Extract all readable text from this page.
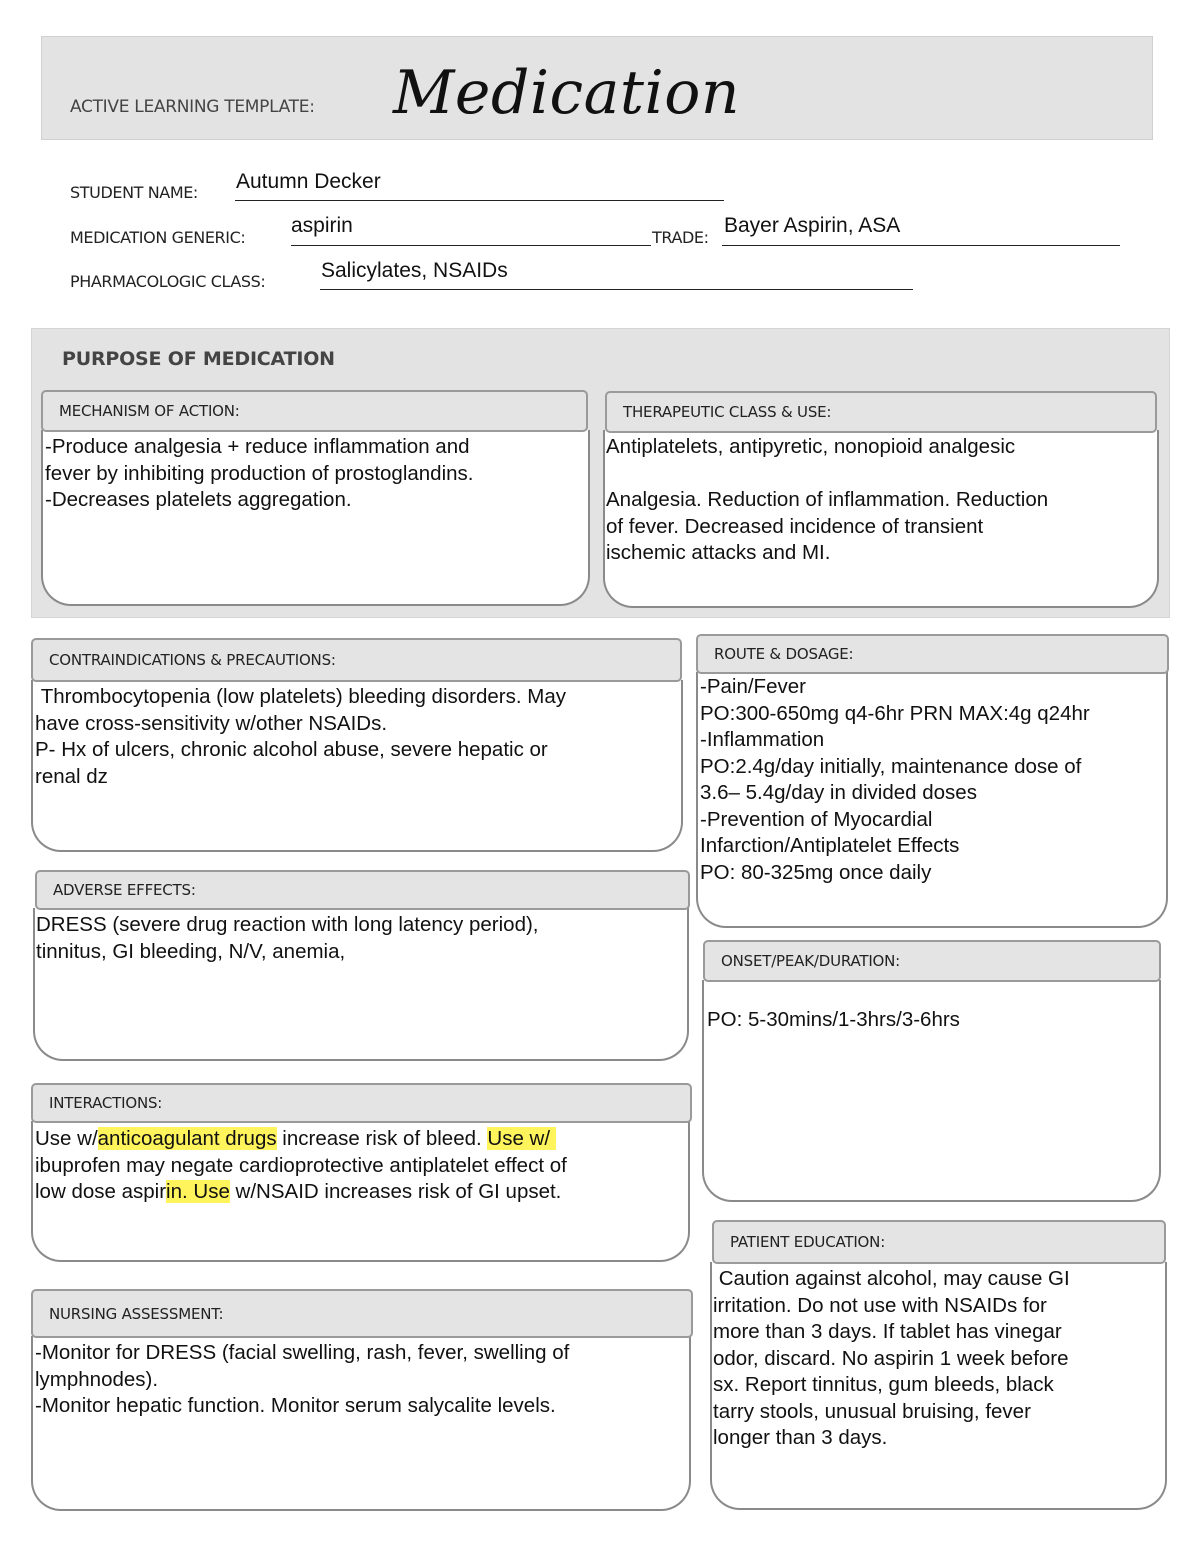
ACTIVE LEARNING TEMPLATE: Medication
STUDENT NAME: Autumn Decker
MEDICATION GENERIC:
aspirin
TRADE:
Bayer Aspirin, ASA
PHARMACOLOGIC CLASS:	Salicylates, NSAIDs
PURPOSE OF MEDICATION
MECHANISM OF ACTION:
-Produce analgesia + reduce inflammation and
fever by inhibiting production of prostoglandins.
-Decreases platelets aggregation.
THERAPEUTIC CLASS & USE:
Antiplatelets, antipyretic, nonopioid analgesic

Analgesia. Reduction of inflammation. Reduction
of fever. Decreased incidence of transient
ischemic attacks and MI.
CONTRAINDICATIONS & PRECAUTIONS:
Thrombocytopenia (low platelets) bleeding disorders. May
have cross-sensitivity w/other NSAIDs.
P- Hx of ulcers, chronic alcohol abuse, severe hepatic or
renal dz
ROUTE & DOSAGE:
-Pain/Fever
PO:300-650mg q4-6hr PRN MAX:4g q24hr
-Inflammation
PO:2.4g/day initially, maintenance dose of
3.6– 5.4g/day in divided doses
-Prevention of Myocardial
Infarction/Antiplatelet Effects
PO: 80-325mg once daily
ADVERSE EFFECTS:
DRESS (severe drug reaction with long latency period),
tinnitus, GI bleeding, N/V, anemia,	ONSET/PEAK/DURATION:
PO: 5-30mins/1-3hrs/3-6hrs
INTERACTIONS:
Use w/anticoagulant drugs increase risk of bleed. Use w/
ibuprofen may negate cardioprotective antiplatelet effect of
low dose aspirin. Use w/NSAID increases risk of GI upset.
PATIENT EDUCATION:
Caution against alcohol, may cause GI
irritation. Do not use with NSAIDs for
more than 3 days. If tablet has vinegar
odor, discard. No aspirin 1 week before
sx. Report tinnitus, gum bleeds, black
tarry stools, unusual bruising, fever
longer than 3 days.
NURSING ASSESSMENT:
-Monitor for DRESS (facial swelling, rash, fever, swelling of
lymphnodes).
-Monitor hepatic function. Monitor serum salycalite levels.
